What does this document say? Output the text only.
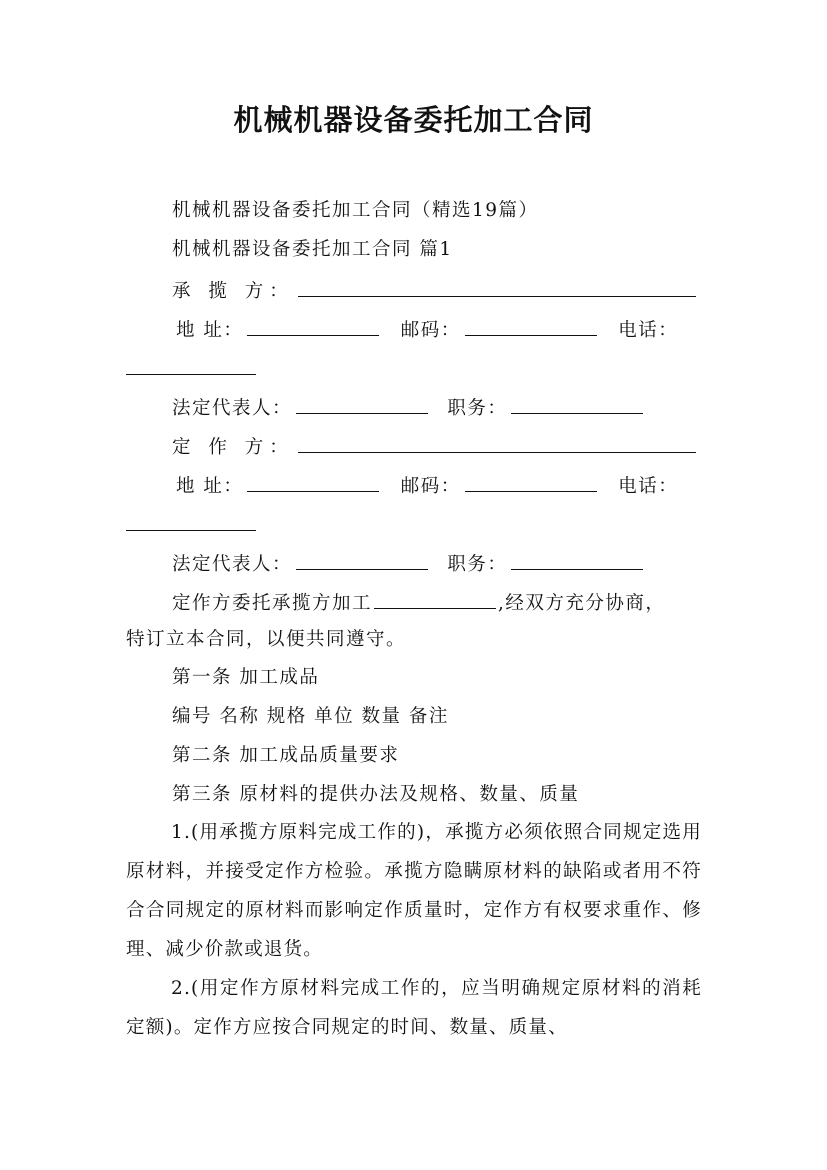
机械机器设备委托加工合同
机械机器设备委托加工合同（精选19篇）
机械机器设备委托加工合同 篇1
承 揽 方：
地 址：	邮码：	电话：
法定代表人：	职务：
定 作 方：
地 址：	邮码：	电话：
法定代表人：	职务：
定作方委托承揽方加工	,经双方充分协商，
特订立本合同，以便共同遵守。
第一条 加工成品
编号 名称 规格 单位 数量 备注
第二条 加工成品质量要求
第三条 原材料的提供办法及规格、数量、质量
1.(用承揽方原料完成工作的)，承揽方必须依照合同规定选用原材料，并接受定作方检验。承揽方隐瞒原材料的缺陷或者用不符合合同规定的原材料而影响定作质量时，定作方有权要求重作、修理、减少价款或退货。
2.(用定作方原材料完成工作的，应当明确规定原材料的消耗定额)。定作方应按合同规定的时间、数量、质量、
